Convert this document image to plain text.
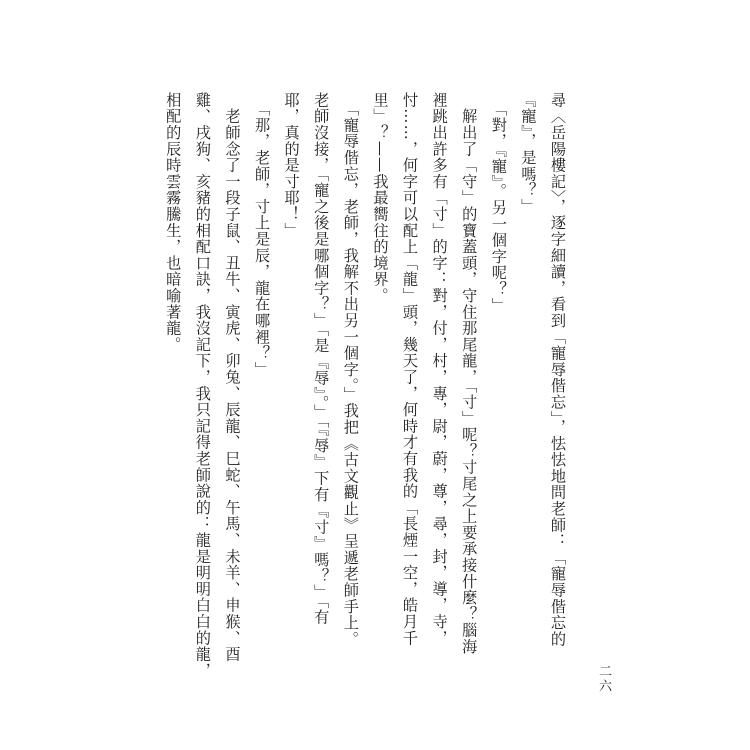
尋〈岳陽樓記〉，逐字細讀，看到「寵辱偕忘」，怯怯地問老師：「寵辱偕忘的
『寵』，是嗎？」
　「對，『寵』。另一個字呢？」
　解出了「守」的寶蓋頭，守住那尾龍，「寸」呢？寸尾之上要承接什麼？腦海
裡跳出許多有「寸」的字：對，付，村，專，尉，蔚，尊，尋，封，導，寺，
忖……，何字可以配上「龍」頭，幾天了，何時才有我的「長煙一空，皓月千
里」？——我最嚮往的境界。
　「寵辱偕忘，老師，我解不出另一個字。」我把《古文觀止》呈遞老師手上。
老師沒接，「寵之後是哪個字？」「是『辱』。」「『辱』下有『寸』嗎？」「有
耶，真的是寸耶！」
　「那，老師，寸上是辰，龍在哪裡？」
　老師念了一段子鼠、丑牛、寅虎、卯兔、辰龍、巳蛇、午馬、未羊、申猴、酉
雞、戌狗、亥豬的相配口訣，我沒記下，我只記得老師說的：龍是明明白白的龍，
相配的辰時雲霧騰生，也暗喻著龍。
二六
